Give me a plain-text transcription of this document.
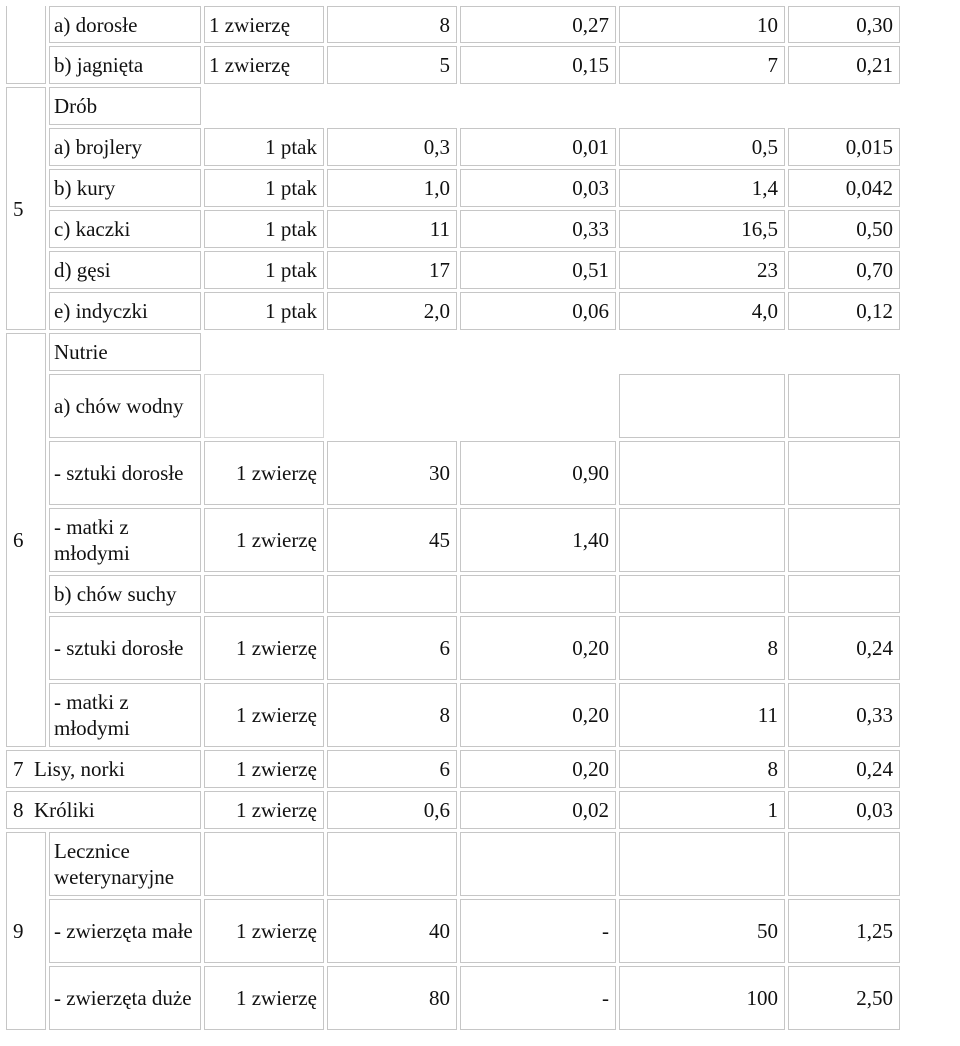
	a) dorosłe	1 zwierzę	8	0,27	10	0,30
	b) jagnięta	1 zwierzę	5	0,15	7	0,21
5	Drób					
	a) brojlery	1 ptak	0,3	0,01	0,5	0,015
	b) kury	1 ptak	1,0	0,03	1,4	0,042
	c) kaczki	1 ptak	11	0,33	16,5	0,50
	d) gęsi	1 ptak	17	0,51	23	0,70
	e) indyczki	1 ptak	2,0	0,06	4,0	0,12
6	Nutrie					
	a) chów wodny					
	- sztuki dorosłe	1 zwierzę	30	0,90		
	- matki z młodymi	1 zwierzę	45	1,40		
	b) chów suchy					
	- sztuki dorosłe	1 zwierzę	6	0,20	8	0,24
	- matki z młodymi	1 zwierzę	8	0,20	11	0,33
7 Lisy, norki		1 zwierzę	6	0,20	8	0,24
8 Króliki		1 zwierzę	0,6	0,02	1	0,03
9	Lecznice weterynaryjne					
	- zwierzęta małe	1 zwierzę	40	-	50	1,25
	- zwierzęta duże	1 zwierzę	80	-	100	2,50
